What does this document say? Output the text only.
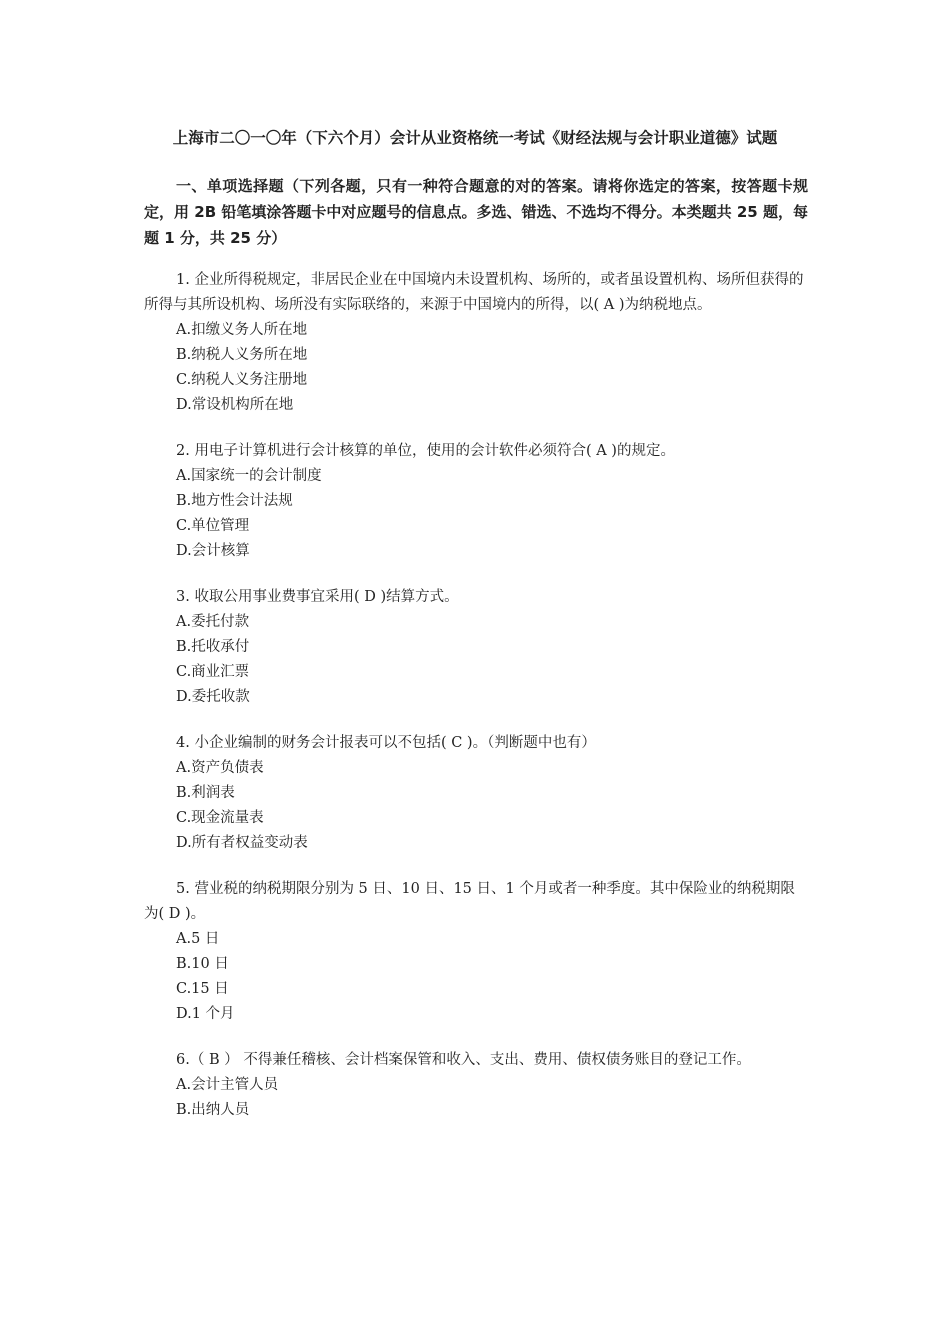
上海市二〇一〇年（下六个月）会计从业资格统一考试《财经法规与会计职业道德》试题
一、单项选择题（下列各题，只有一种符合题意的对的答案。请将你选定的答案，按答题卡规定，用 2B 铅笔填涂答题卡中对应题号的信息点。多选、错选、不选均不得分。本类题共 25 题，每题 1 分，共 25 分）

1. 企业所得税规定，非居民企业在中国境内未设置机构、场所的，或者虽设置机构、场所但获得的所得与其所设机构、场所没有实际联络的，来源于中国境内的所得，以( A )为纳税地点。

A.扣缴义务人所在地
B.纳税人义务所在地
C.纳税人义务注册地
D.常设机构所在地

2. 用电子计算机进行会计核算的单位，使用的会计软件必须符合( A )的规定。

A.国家统一的会计制度
B.地方性会计法规
C.单位管理
D.会计核算

3. 收取公用事业费事宜采用( D )结算方式。

A.委托付款
B.托收承付
C.商业汇票
D.委托收款

4. 小企业编制的财务会计报表可以不包括( C )。（判断题中也有）

A.资产负债表
B.利润表
C.现金流量表
D.所有者权益变动表

5. 营业税的纳税期限分别为 5 日、10 日、15 日、1 个月或者一种季度。其中保险业的纳税期限为( D )。

A.5 日
B.10 日
C.15 日
D.1 个月

6.（ B ） 不得兼任稽核、会计档案保管和收入、支出、费用、债权债务账目的登记工作。

A.会计主管人员
B.出纳人员
